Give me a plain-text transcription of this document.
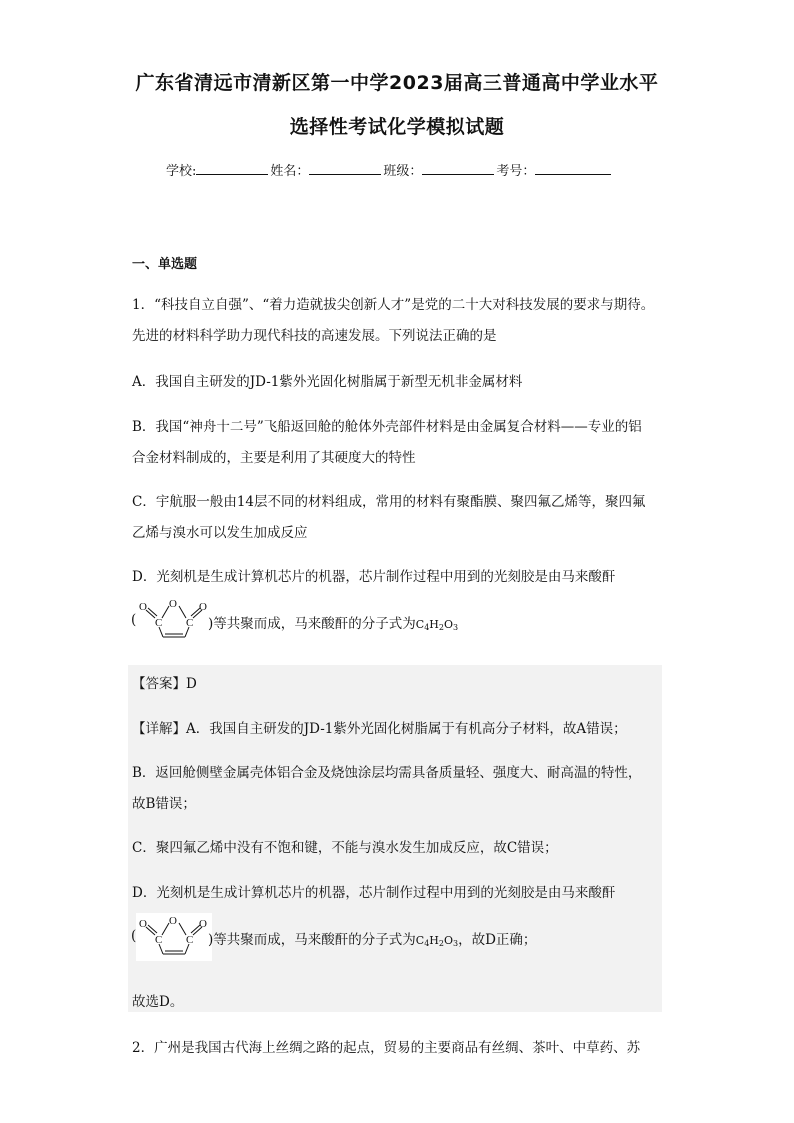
广东省清远市清新区第一中学2023届高三普通高中学业水平
选择性考试化学模拟试题
学校:	姓名：	班级：	考号：
一、单选题
1．“科技自立自强”、“着力造就拔尖创新人才”是党的二十大对科技发展的要求与期待。
先进的材料科学助力现代科技的高速发展。下列说法正确的是
A．我国自主研发的JD-1紫外光固化树脂属于新型无机非金属材料
B．我国“神舟十二号”飞船返回舱的舱体外壳部件材料是由金属复合材料——专业的铝
合金材料制成的，主要是利用了其硬度大的特性
C．宇航服一般由14层不同的材料组成，常用的材料有聚酯膜、聚四氟乙烯等，聚四氟
乙烯与溴水可以发生加成反应
D．光刻机是生成计算机芯片的机器，芯片制作过程中用到的光刻胶是由马来酸酐
(
O O O
C C )等共聚而成，马来酸酐的分子式为$C_4H_2O_3$
【答案】D
【详解】A．我国自主研发的JD-1紫外光固化树脂属于有机高分子材料，故A错误；
B．返回舱侧壁金属壳体铝合金及烧蚀涂层均需具备质量轻、强度大、耐高温的特性，
故B错误；
C．聚四氟乙烯中没有不饱和键，不能与溴水发生加成反应，故C错误；
D．光刻机是生成计算机芯片的机器，芯片制作过程中用到的光刻胶是由马来酸酐
(
O O O
C C )等共聚而成，马来酸酐的分子式为$C_4H_2O_3$，故D正确；
故选D。
2．广州是我国古代海上丝绸之路的起点，贸易的主要商品有丝绸、茶叶、中草药、苏
